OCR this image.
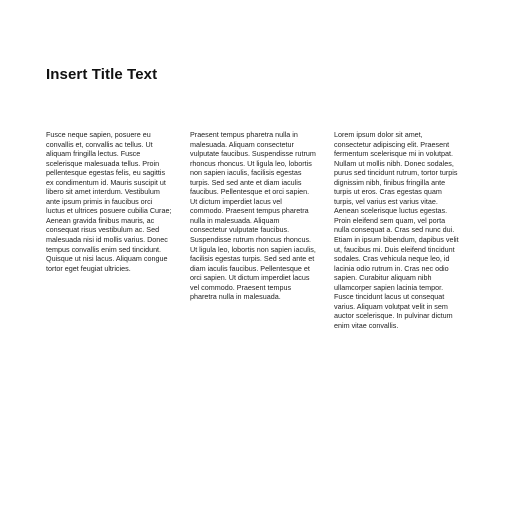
Insert Title Text

Fusce neque sapien, posuere eu convallis et, convallis ac tellus. Ut aliquam fringilla lectus. Fusce scelerisque malesuada tellus. Proin pellentesque egestas felis, eu sagittis ex condimentum id. Mauris suscipit ut libero sit amet interdum. Vestibulum ante ipsum primis in faucibus orci luctus et ultrices posuere cubilia Curae; Aenean gravida finibus mauris, ac consequat risus vestibulum ac. Sed malesuada nisi id mollis varius. Donec tempus convallis enim sed tincidunt. Quisque ut nisi lacus. Aliquam congue tortor eget feugiat ultricies.

Praesent tempus pharetra nulla in malesuada. Aliquam consectetur vulputate faucibus. Suspendisse rutrum rhoncus rhoncus. Ut ligula leo, lobortis non sapien iaculis, facilisis egestas turpis. Sed sed ante et diam iaculis faucibus. Pellentesque et orci sapien. Ut dictum imperdiet lacus vel commodo. Praesent tempus pharetra nulla in malesuada. Aliquam consectetur vulputate faucibus. Suspendisse rutrum rhoncus rhoncus. Ut ligula leo, lobortis non sapien iaculis, facilisis egestas turpis. Sed sed ante et diam iaculis faucibus. Pellentesque et orci sapien. Ut dictum imperdiet lacus vel commodo. Praesent tempus pharetra nulla in malesuada.

Lorem ipsum dolor sit amet, consectetur adipiscing elit. Praesent fermentum scelerisque mi in volutpat. Nullam ut mollis nibh. Donec sodales, purus sed tincidunt rutrum, tortor turpis dignissim nibh, finibus fringilla ante turpis ut eros. Cras egestas quam turpis, vel varius est varius vitae. Aenean scelerisque luctus egestas. Proin eleifend sem quam, vel porta nulla consequat a. Cras sed nunc dui. Etiam in ipsum bibendum, dapibus velit ut, faucibus mi. Duis eleifend tincidunt sodales. Cras vehicula neque leo, id lacinia odio rutrum in. Cras nec odio sapien. Curabitur aliquam nibh ullamcorper sapien lacinia tempor. Fusce tincidunt lacus ut consequat varius. Aliquam volutpat velit in sem auctor scelerisque. In pulvinar dictum enim vitae convallis.
